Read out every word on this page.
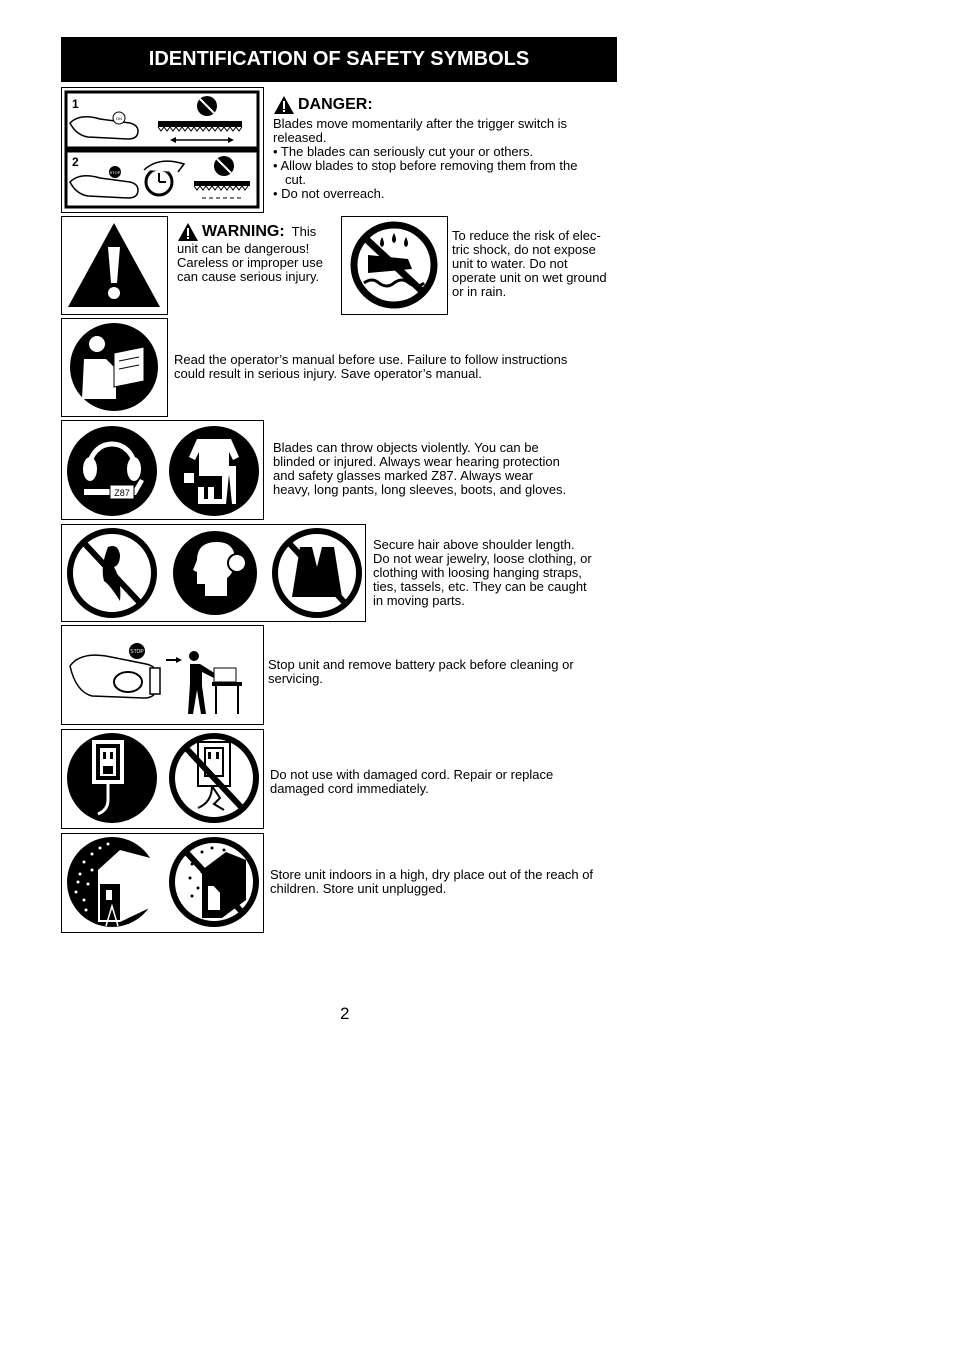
IDENTIFICATION OF SAFETY SYMBOLS
1
2
ON
STOP
DANGER:

Blades move momentarily after the trigger switch is released.

• The blades can seriously cut your or others.

• Allow blades to stop before removing them from the cut.

• Do not overreach.

WARNING: This

unit can be dangerous! Careless or improper use can cause serious injury.

To reduce the risk of elec- tric shock, do not expose unit to water. Do not operate unit on wet ground or in rain.
Read the operator’s manual before use. Failure to follow instructions could result in serious injury. Save operator’s manual.
Z87
Blades can throw objects violently. You can be blinded or injured. Always wear hearing protection and safety glasses marked Z87. Always wear heavy, long pants, long sleeves, boots, and gloves.
Secure hair above shoulder length. Do not wear jewelry, loose clothing, or clothing with loosing hanging straps, ties, tassels, etc. They can be caught in moving parts.
STOP
Stop unit and remove battery pack before cleaning or servicing.
Do not use with damaged cord. Repair or replace damaged cord immediately.
Store unit indoors in a high, dry place out of the reach of children. Store unit unplugged.
2
